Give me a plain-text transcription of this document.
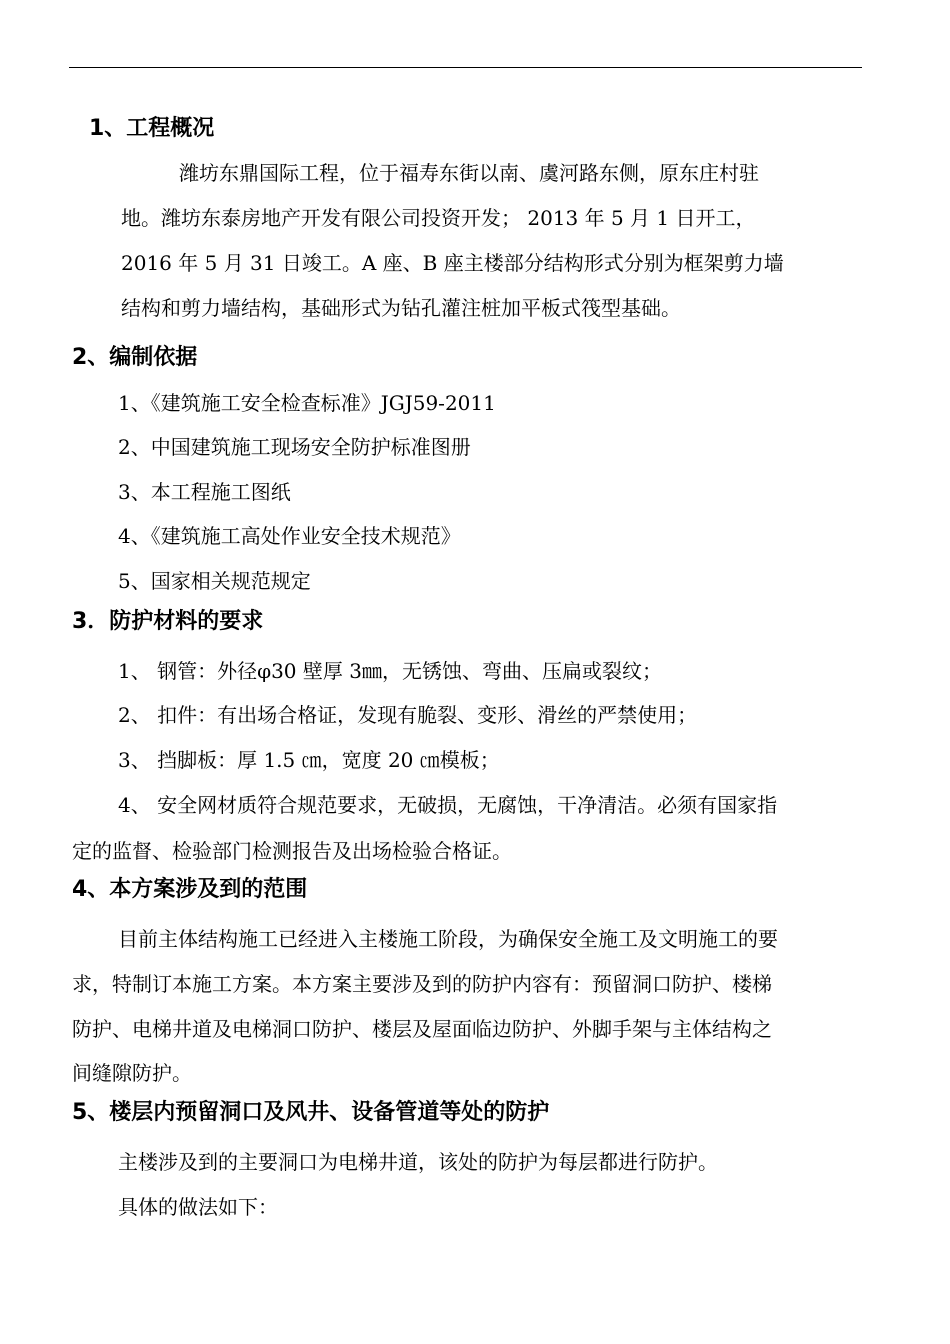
1、工程概况
潍坊东鼎国际工程，位于福寿东街以南、虞河路东侧，原东庄村驻
地。潍坊东泰房地产开发有限公司投资开发； 2013 年 5 月 1 日开工，
2016 年 5 月 31 日竣工。A 座、B 座主楼部分结构形式分别为框架剪力墙
结构和剪力墙结构，基础形式为钻孔灌注桩加平板式筏型基础。
2、编制依据
1、《建筑施工安全检查标准》JGJ59-2011
2、中国建筑施工现场安全防护标准图册
3、本工程施工图纸
4、《建筑施工高处作业安全技术规范》
5、国家相关规范规定
3．防护材料的要求
1、 钢管：外径φ30 壁厚 3㎜，无锈蚀、弯曲、压扁或裂纹；
2、 扣件：有出场合格证，发现有脆裂、变形、滑丝的严禁使用；
3、 挡脚板：厚 1.5 ㎝，宽度 20 ㎝模板；
4、 安全网材质符合规范要求，无破损，无腐蚀，干净清洁。必须有国家指
定的监督、检验部门检测报告及出场检验合格证。
4、本方案涉及到的范围
目前主体结构施工已经进入主楼施工阶段，为确保安全施工及文明施工的要
求，特制订本施工方案。本方案主要涉及到的防护内容有：预留洞口防护、楼梯
防护、电梯井道及电梯洞口防护、楼层及屋面临边防护、外脚手架与主体结构之
间缝隙防护。
5、楼层内预留洞口及风井、设备管道等处的防护
主楼涉及到的主要洞口为电梯井道，该处的防护为每层都进行防护。
具体的做法如下：
